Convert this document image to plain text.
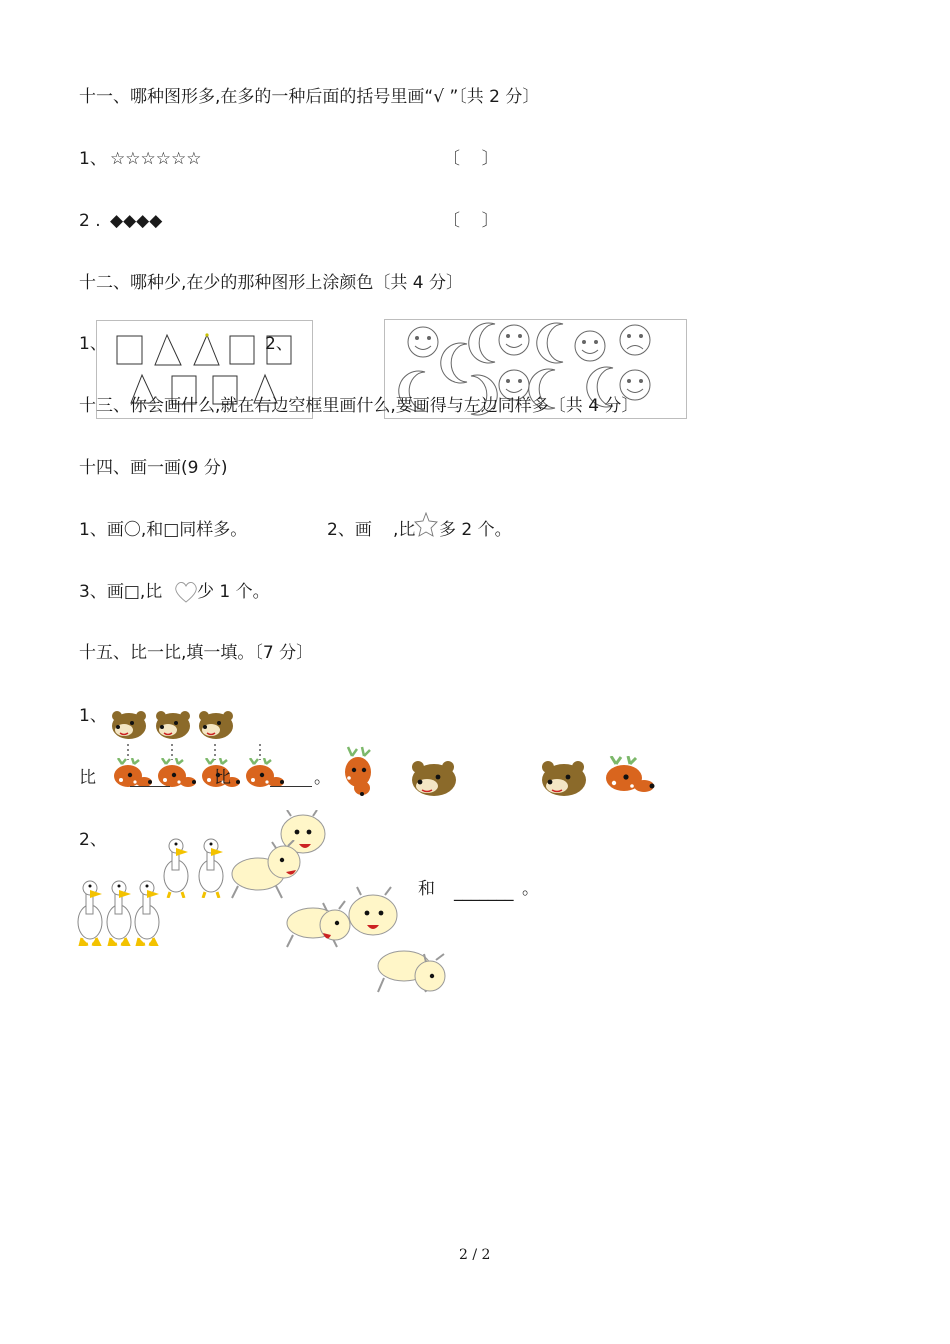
十一、哪种图形多,在多的一种后面的括号里画“√ ”〔共 2 分〕
1、 ☆☆☆☆☆☆	〔    〕
2 . ◆◆◆◆	〔    〕
十二、哪种少,在少的那种图形上涂颜色〔共 4 分〕
1、	2、
十三、你会画什么,就在右边空框里画什么,要画得与左边同样多〔共 4 分〕
十四、画一画(9 分)
1、画〇,和□同样多。	2、画 ,比 多 2 个。
3、画□,比 少 1 个。
十五、比一比,填一填。〔7 分〕
1、
比	比	。
2、
和 _______ 。
2 / 2
